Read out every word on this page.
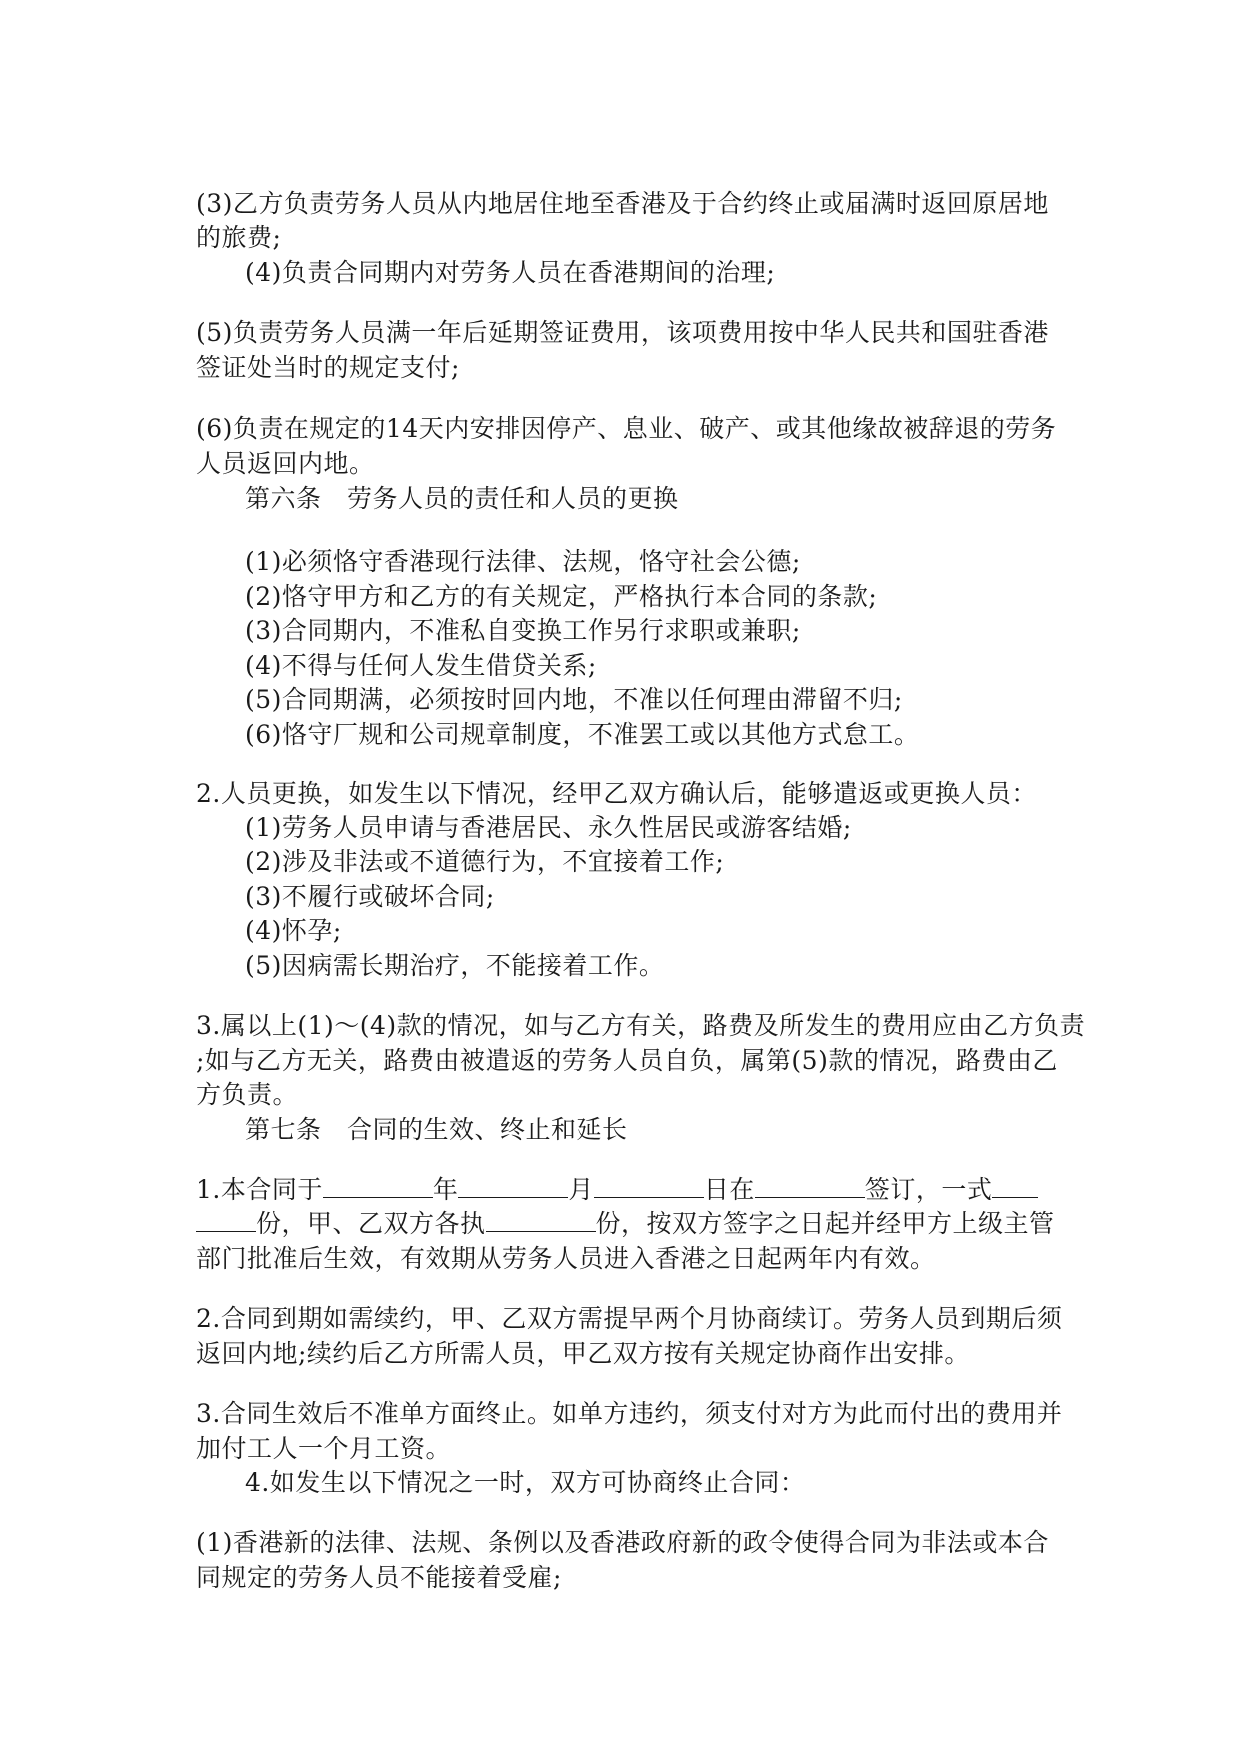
(3)乙方负责劳务人员从内地居住地至香港及于合约终止或届满时返回原居地
的旅费;
(4)负责合同期内对劳务人员在香港期间的治理;
(5)负责劳务人员满一年后延期签证费用，该项费用按中华人民共和国驻香港
签证处当时的规定支付;
(6)负责在规定的14天内安排因停产、息业、破产、或其他缘故被辞退的劳务
人员返回内地。
第六条　劳务人员的责任和人员的更换
(1)必须恪守香港现行法律、法规，恪守社会公德;
(2)恪守甲方和乙方的有关规定，严格执行本合同的条款;
(3)合同期内，不准私自变换工作另行求职或兼职;
(4)不得与任何人发生借贷关系;
(5)合同期满，必须按时回内地，不准以任何理由滞留不归;
(6)恪守厂规和公司规章制度，不准罢工或以其他方式怠工。
2.人员更换，如发生以下情况，经甲乙双方确认后，能够遣返或更换人员：
(1)劳务人员申请与香港居民、永久性居民或游客结婚;
(2)涉及非法或不道德行为，不宜接着工作;
(3)不履行或破坏合同;
(4)怀孕;
(5)因病需长期治疗，不能接着工作。
3.属以上(1)～(4)款的情况，如与乙方有关，路费及所发生的费用应由乙方负责
;如与乙方无关，路费由被遣返的劳务人员自负，属第(5)款的情况，路费由乙
方负责。
第七条　合同的生效、终止和延长
1.本合同于	年	月	日在	签订，一式
份，甲、乙双方各执	份，按双方签字之日起并经甲方上级主管
部门批准后生效，有效期从劳务人员进入香港之日起两年内有效。
2.合同到期如需续约，甲、乙双方需提早两个月协商续订。劳务人员到期后须
返回内地;续约后乙方所需人员，甲乙双方按有关规定协商作出安排。
3.合同生效后不准单方面终止。如单方违约，须支付对方为此而付出的费用并
加付工人一个月工资。
4.如发生以下情况之一时，双方可协商终止合同：
(1)香港新的法律、法规、条例以及香港政府新的政令使得合同为非法或本合
同规定的劳务人员不能接着受雇;
